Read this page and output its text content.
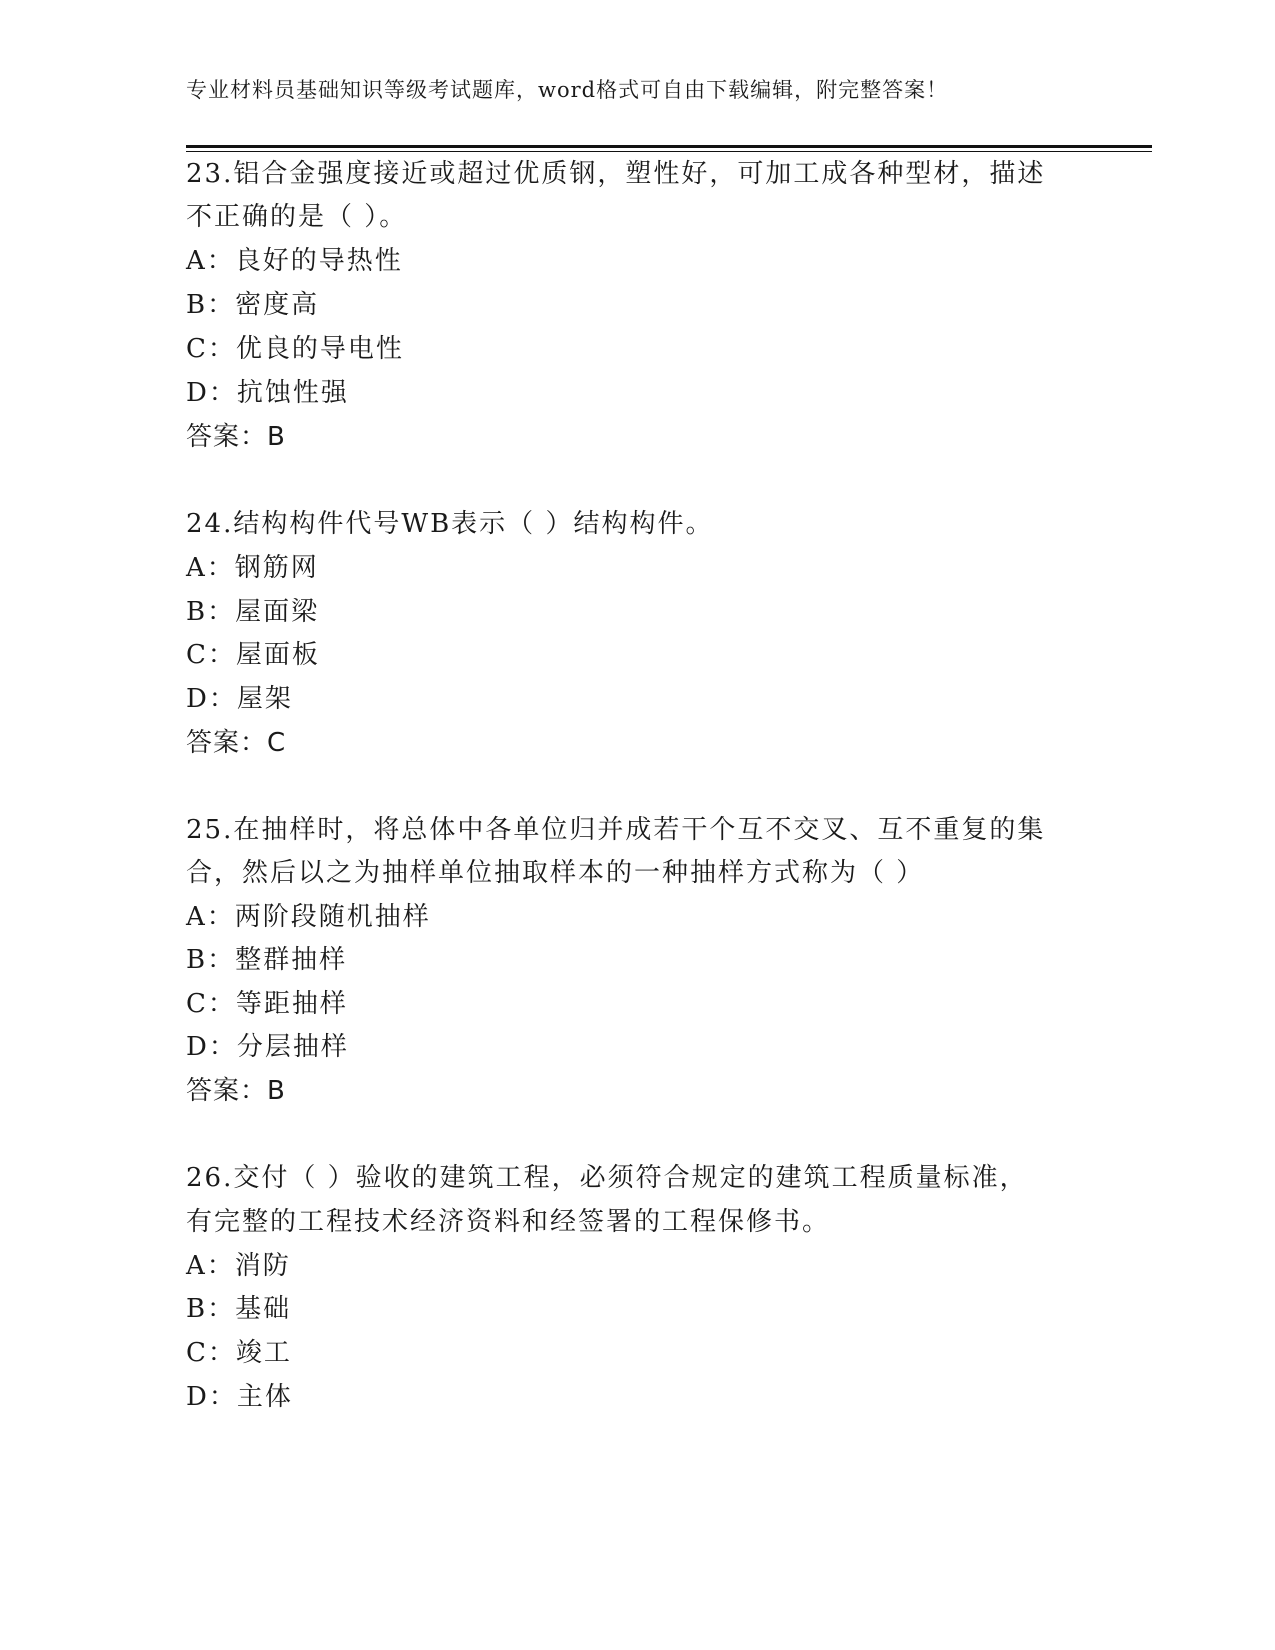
专业材料员基础知识等级考试题库，word格式可自由下载编辑，附完整答案！
23.铝合金强度接近或超过优质钢，塑性好，可加工成各种型材，描述
不正确的是（ ）。
A：良好的导热性
B：密度高
C：优良的导电性
D：抗蚀性强
答案：B
24.结构构件代号WB表示（ ）结构构件。
A：钢筋网
B：屋面梁
C：屋面板
D：屋架
答案：C
25.在抽样时，将总体中各单位归并成若干个互不交叉、互不重复的集
合，然后以之为抽样单位抽取样本的一种抽样方式称为（ ）
A：两阶段随机抽样
B：整群抽样
C：等距抽样
D：分层抽样
答案：B
26.交付（ ）验收的建筑工程，必须符合规定的建筑工程质量标准，
有完整的工程技术经济资料和经签署的工程保修书。
A：消防
B：基础
C：竣工
D：主体
